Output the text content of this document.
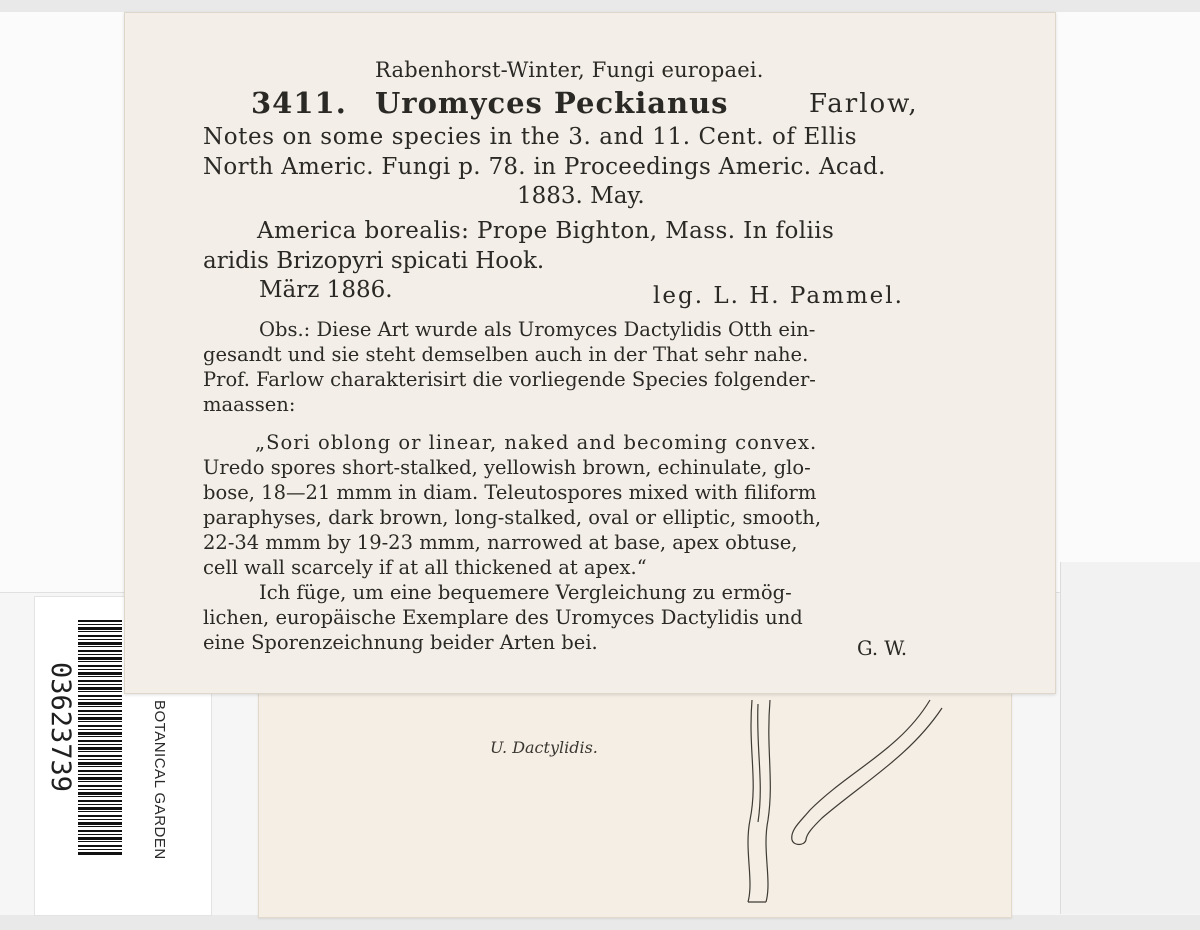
03623739	BOTANICAL GARDEN	U. Dactylidis.

Rabenhorst-Winter, Fungi europaei.

3411. Uromyces Peckianus	Farlow,

Notes on some species in the 3. and 11. Cent. of Ellis

North Americ. Fungi p. 78. in Proceedings Americ. Acad.

1883. May.

America borealis: Prope Bighton, Mass. In foliis

aridis Brizopyri spicati Hook.

März 1886.	leg. L. H. Pammel.

Obs.: Diese Art wurde als Uromyces Dactylidis Otth ein-

gesandt und sie steht demselben auch in der That sehr nahe.

Prof. Farlow charakterisirt die vorliegende Species folgender-

maassen:

„Sori oblong or linear, naked and becoming convex.

Uredo spores short-stalked, yellowish brown, echinulate, glo-

bose, 18—21 mmm in diam. Teleutospores mixed with filiform

paraphyses, dark brown, long-stalked, oval or elliptic, smooth,

22-34 mmm by 19-23 mmm, narrowed at base, apex obtuse,

cell wall scarcely if at all thickened at apex.“

Ich füge, um eine bequemere Vergleichung zu ermög-

lichen, europäische Exemplare des Uromyces Dactylidis und

eine Sporenzeichnung beider Arten bei.	G. W.
